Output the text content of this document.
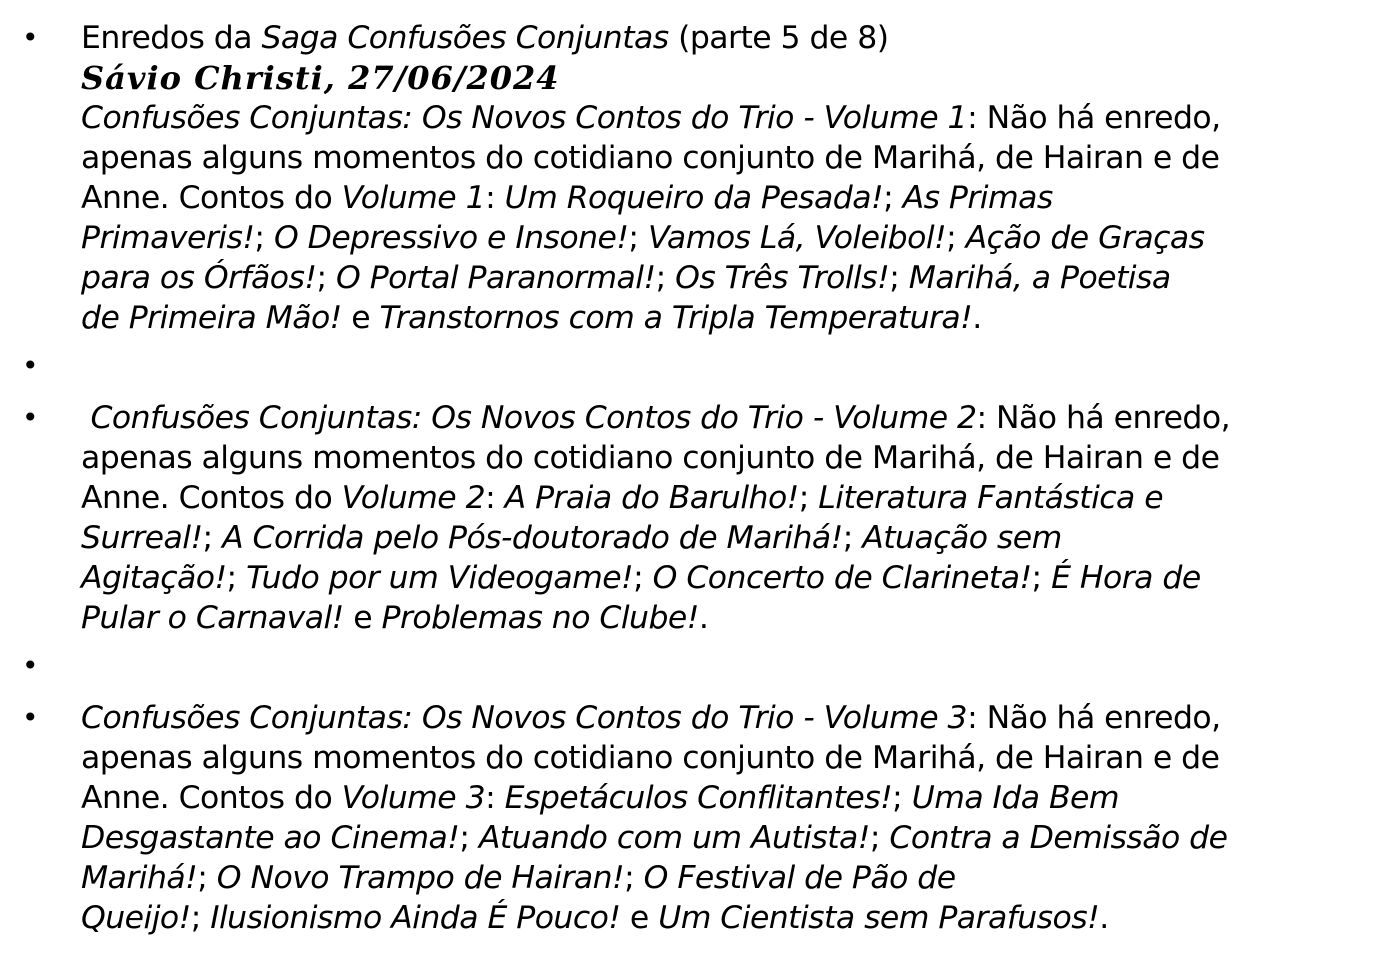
• Enredos da Saga Confusões Conjuntas (parte 5 de 8)
Sávio Christi, 27/06/2024
Confusões Conjuntas: Os Novos Contos do Trio - Volume 1: Não há enredo,
apenas alguns momentos do cotidiano conjunto de Marihá, de Hairan e de
Anne. Contos do Volume 1: Um Roqueiro da Pesada!; As Primas
Primaveris!; O Depressivo e Insone!; Vamos Lá, Voleibol!; Ação de Graças
para os Órfãos!; O Portal Paranormal!; Os Três Trolls!; Marihá, a Poetisa
de Primeira Mão! e Transtornos com a Tripla Temperatura!.
•
• Confusões Conjuntas: Os Novos Contos do Trio - Volume 2: Não há enredo,
apenas alguns momentos do cotidiano conjunto de Marihá, de Hairan e de
Anne. Contos do Volume 2: A Praia do Barulho!; Literatura Fantástica e
Surreal!; A Corrida pelo Pós-doutorado de Marihá!; Atuação sem
Agitação!; Tudo por um Videogame!; O Concerto de Clarineta!; É Hora de
Pular o Carnaval! e Problemas no Clube!.
•
• Confusões Conjuntas: Os Novos Contos do Trio - Volume 3: Não há enredo,
apenas alguns momentos do cotidiano conjunto de Marihá, de Hairan e de
Anne. Contos do Volume 3: Espetáculos Conflitantes!; Uma Ida Bem
Desgastante ao Cinema!; Atuando com um Autista!; Contra a Demissão de
Marihá!; O Novo Trampo de Hairan!; O Festival de Pão de
Queijo!; Ilusionismo Ainda É Pouco! e Um Cientista sem Parafusos!.
